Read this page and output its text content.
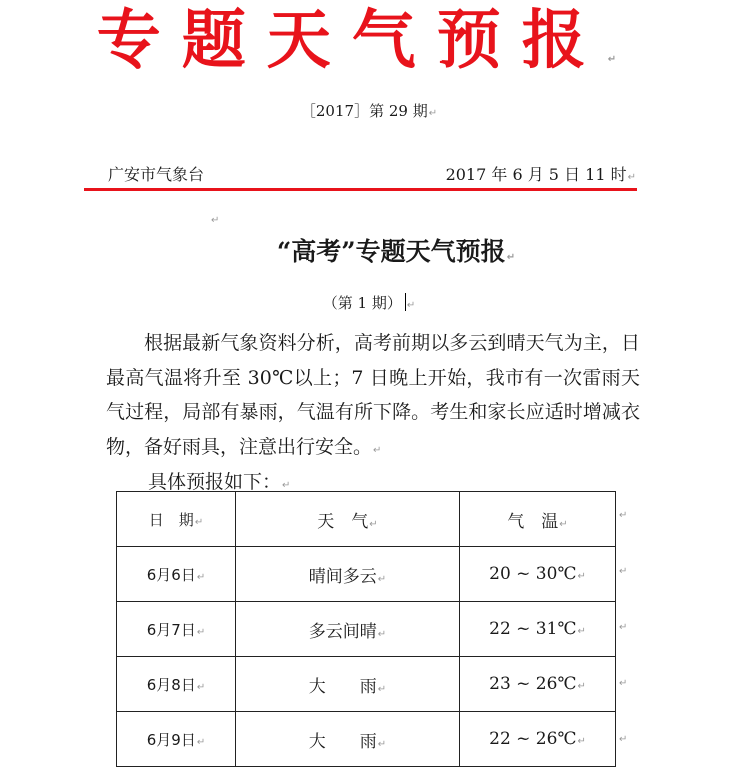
专题天气预报↵
［2017］第 29 期↵
广安市气象台	2017 年 6 月 5 日 11 时↵
↵
“高考”专题天气预报↵
（第 1 期） ↵
根据最新气象资料分析，高考前期以多云到晴天气为主，日最高气温将升至 30℃以上；7 日晚上开始，我市有一次雷雨天气过程，局部有暴雨，气温有所下降。考生和家长应适时增减衣物，备好雨具，注意出行安全。↵
具体预报如下：↵
日　期↵	天　气↵	气　温↵
6月6日↵	晴间多云↵	20 ~ 30℃↵
6月7日↵	多云间晴↵	22 ~ 31℃↵
6月8日↵	大　　雨↵	23 ~ 26℃↵
6月9日↵	大　　雨↵	22 ~ 26℃↵
↵
↵
↵
↵
↵
